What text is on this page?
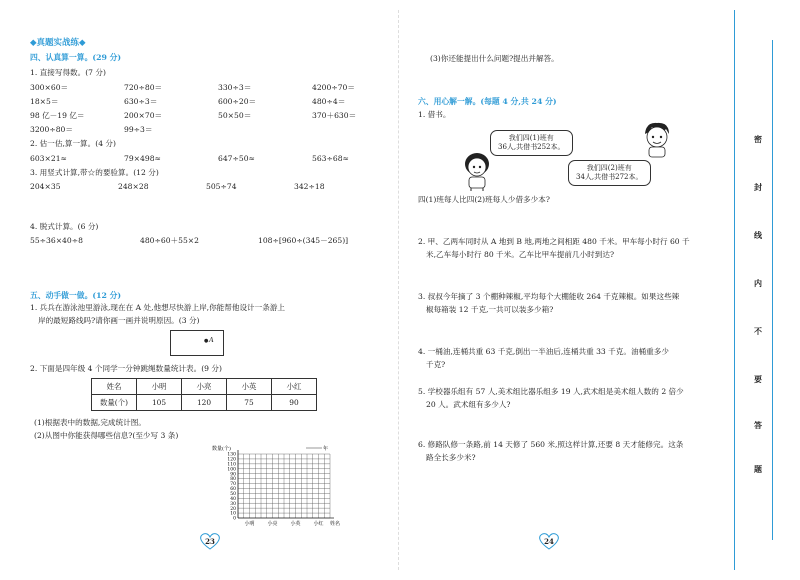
◆真题实战练◆
四、认真算一算。(29 分)
1. 直接写得数。(7 分)
300×60＝	720÷80＝	330÷3＝	4200÷70＝
18×5＝	630÷3＝	600÷20＝	480÷4＝
98 亿－19 亿＝	200×70＝	50×50＝	370＋630＝
3200÷80＝	99÷3＝
2. 估一估,算一算。(4 分)
603×21≈	79×498≈	647÷50≈	563÷68≈
3. 用竖式计算,带☆的要验算。(12 分)
204×35	248×28	505÷74	342÷18
4. 脱式计算。(6 分)
55÷36×40÷8	480÷60＋55×2	108÷[960÷(345－265)]
五、动手做一做。(12 分)
1. 兵兵在游泳池里游泳,现在在 A 处,他想尽快游上岸,你能帮他设计一条游上
岸的最短路线吗?请你画一画并说明原因。(3 分)
● A
2. 下面是四年级 4 个同学一分钟跳绳数量统计表。(9 分)
姓名	小明	小亮	小英	小红
数量(个)	105	120	75	90
(1)根据表中的数据,完成统计图。
(2)从图中你能获得哪些信息?(至少写 3 条)
数量(个)	年
0
10
20
30
40
50
60
70
80
90
100
110
120
130
小明	小亮	小英	小红 姓名
23
(3)你还能提出什么问题?提出并解答。
六、用心解一解。(每题 4 分,共 24 分)
1. 借书。
我们四(1)班有
36人,共借书252本。
我们四(2)班有
34人,共借书272本。
四(1)班每人比四(2)班每人少借多少本?
2. 甲、乙两车同时从 A 地到 B 地,两地之间相距 480 千米。甲车每小时行 60 千
米,乙车每小时行 80 千米。乙车比甲车提前几小时到达?
3. 叔叔今年摘了 3 个棚种辣椒,平均每个大棚能收 264 千克辣椒。如果这些辣
椒每箱装 12 千克,一共可以装多少箱?
4. 一桶油,连桶共重 63 千克,倒出一半油后,连桶共重 33 千克。油桶重多少
千克?
5. 学校器乐组有 57 人,美术组比器乐组多 19 人,武术组是美术组人数的 2 倍少
20 人。武术组有多少人?
6. 修路队修一条路,前 14 天修了 560 米,照这样计算,还要 8 天才能修完。这条
路全长多少米?
24
密
封
线
内
不
要
答
题
